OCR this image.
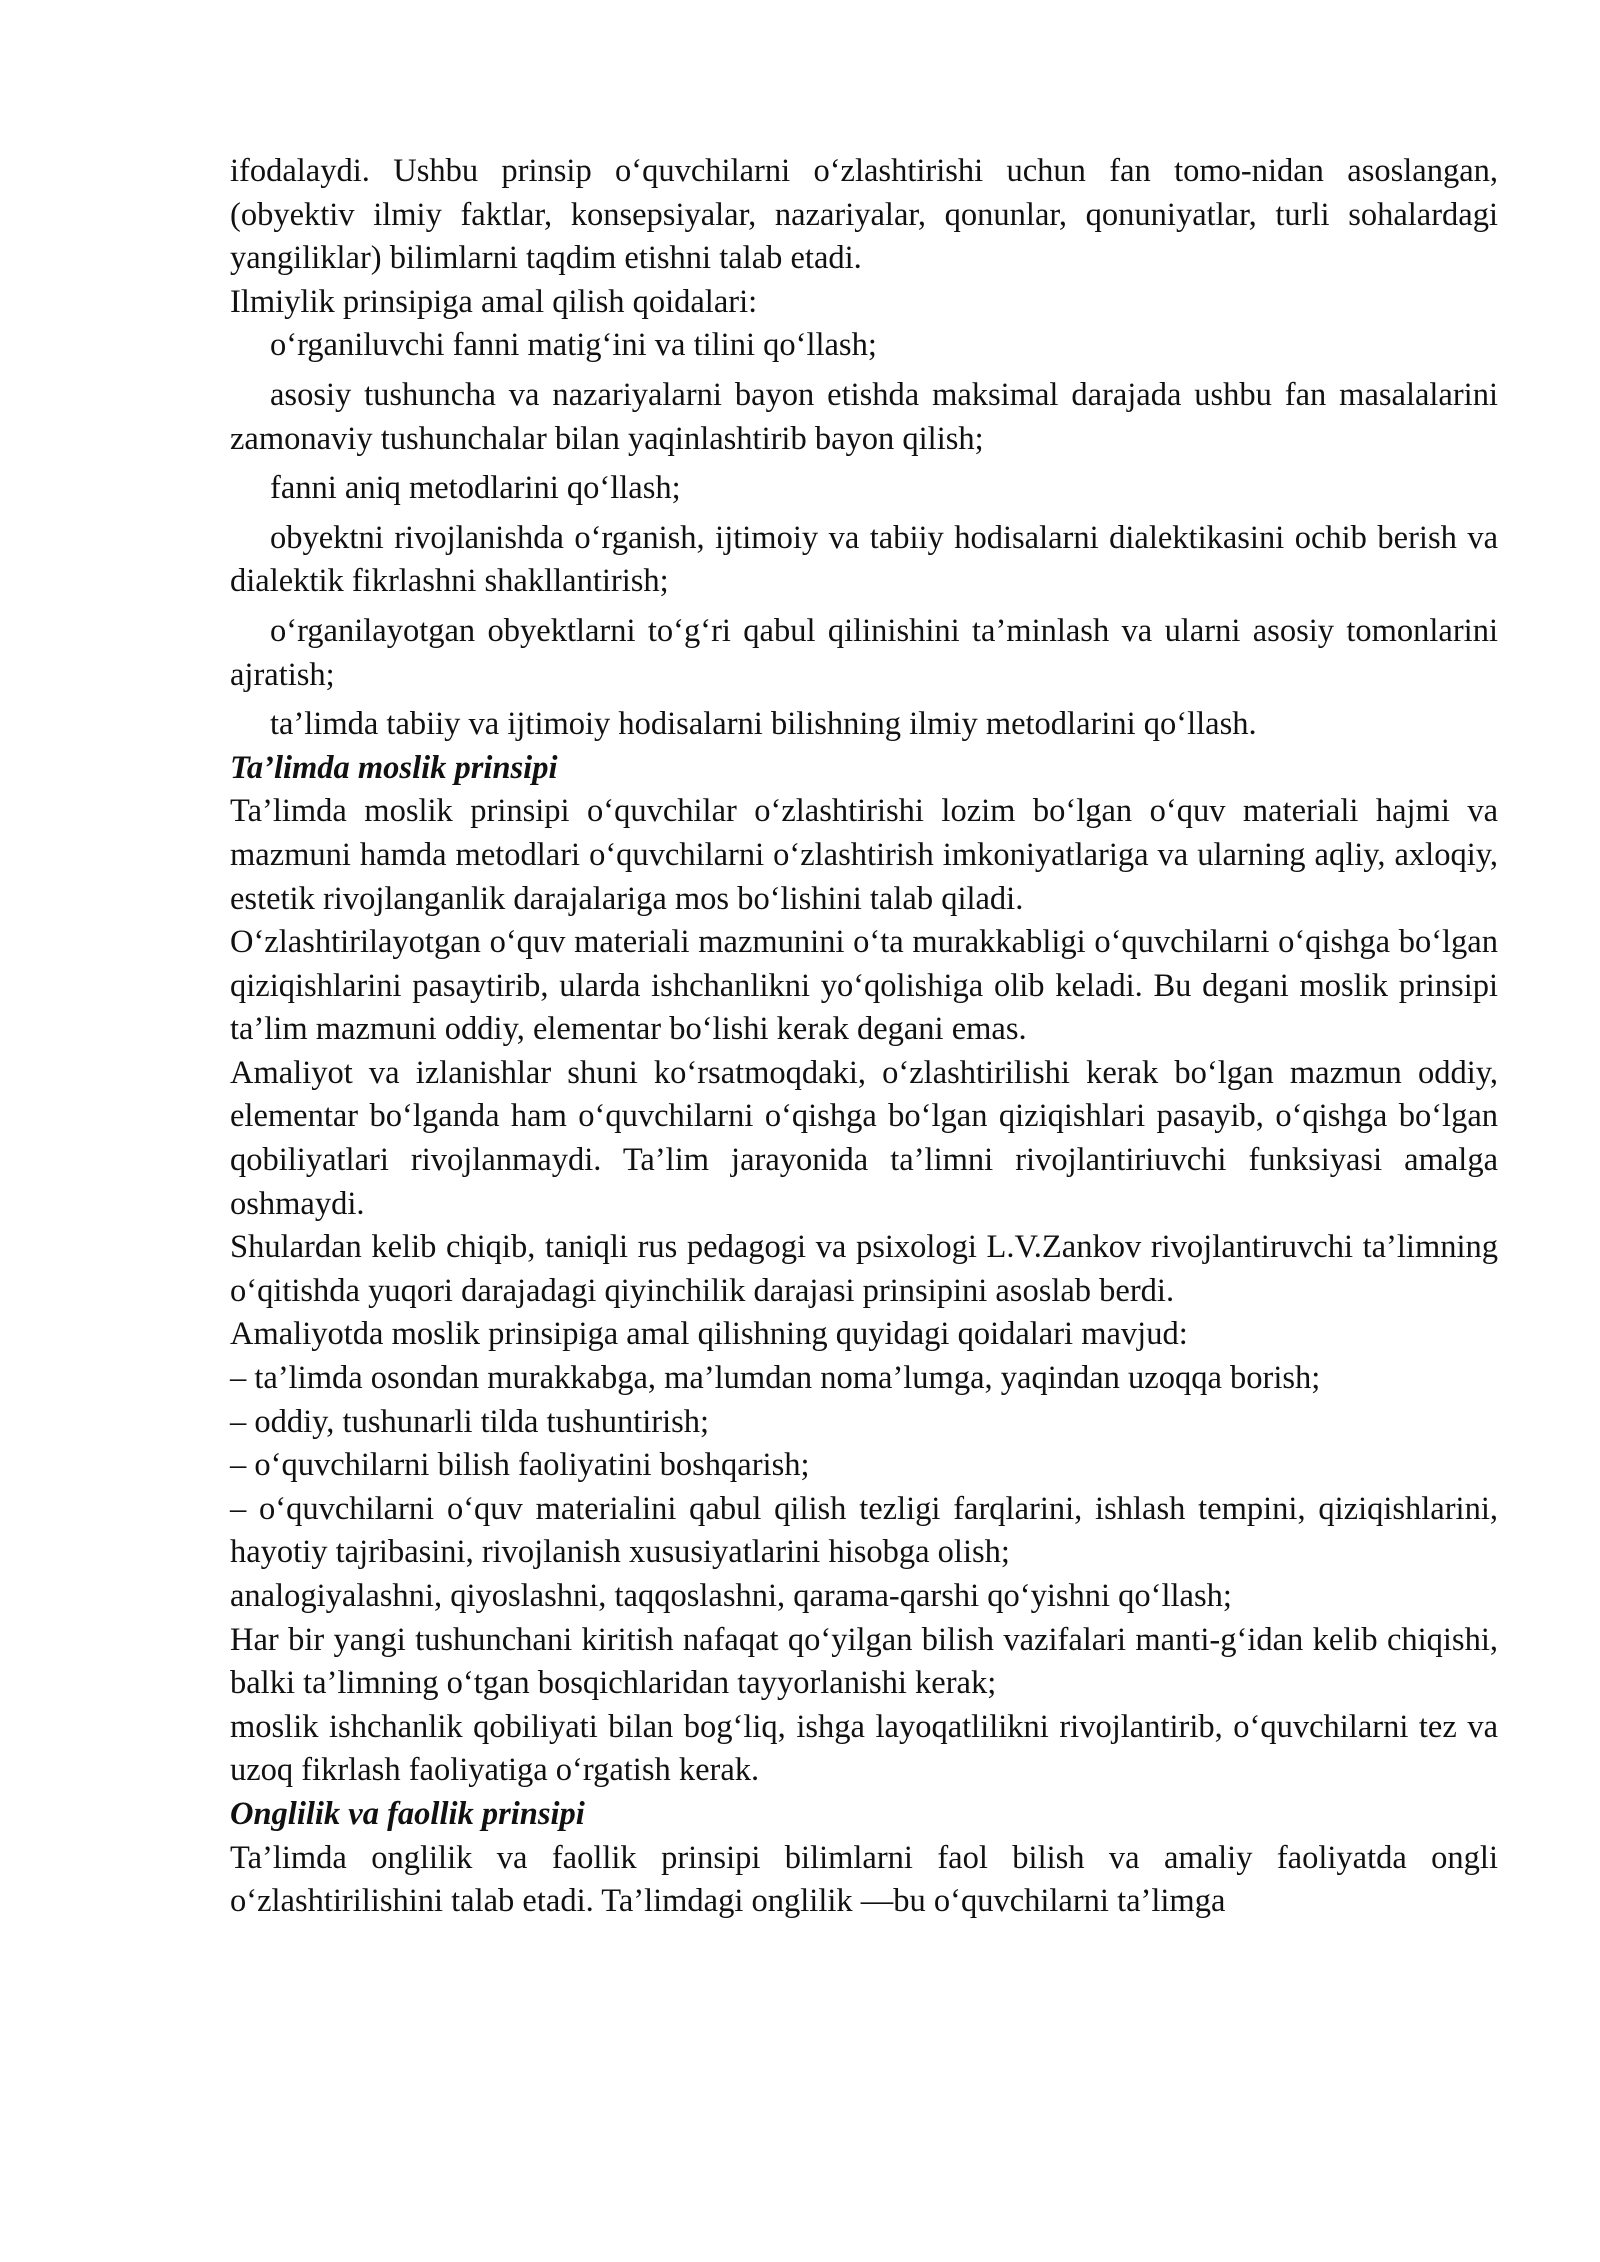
ifodalaydi. Ushbu prinsip o‘quvchilarni o‘zlashtirishi uchun fan tomo-nidan asoslangan, (obyektiv ilmiy faktlar, konsepsiyalar, nazariyalar, qonunlar, qonuniyatlar, turli sohalardagi yangiliklar) bilimlarni taqdim etishni talab etadi.

Ilmiylik prinsipiga amal qilish qoidalari:

o‘rganiluvchi fanni matig‘ini va tilini qo‘llash;

asosiy tushuncha va nazariyalarni bayon etishda maksimal darajada ushbu fan masalalarini zamonaviy tushunchalar bilan yaqinlashtirib bayon qilish;

fanni aniq metodlarini qo‘llash;

obyektni rivojlanishda o‘rganish, ijtimoiy va tabiiy hodisalarni dialektikasini ochib berish va dialektik fikrlashni shakllantirish;

o‘rganilayotgan obyektlarni to‘g‘ri qabul qilinishini ta’minlash va ularni asosiy tomonlarini ajratish;

ta’limda tabiiy va ijtimoiy hodisalarni bilishning ilmiy metodlarini qo‘llash.

Ta’limda moslik prinsipi

Ta’limda moslik prinsipi o‘quvchilar o‘zlashtirishi lozim bo‘lgan o‘quv materiali hajmi va mazmuni hamda metodlari o‘quvchilarni o‘zlashtirish imkoniyatlariga va ularning aqliy, axloqiy, estetik rivojlanganlik darajalariga mos bo‘lishini talab qiladi.

O‘zlashtirilayotgan o‘quv materiali mazmunini o‘ta murakkabligi o‘quvchilarni o‘qishga bo‘lgan qiziqishlarini pasaytirib, ularda ishchanlikni yo‘qolishiga olib keladi. Bu degani moslik prinsipi ta’lim mazmuni oddiy, elementar bo‘lishi kerak degani emas.

Amaliyot va izlanishlar shuni ko‘rsatmoqdaki, o‘zlashtirilishi kerak bo‘lgan mazmun oddiy, elementar bo‘lganda ham o‘quvchilarni o‘qishga bo‘lgan qiziqishlari pasayib, o‘qishga bo‘lgan qobiliyatlari rivojlanmaydi. Ta’lim jarayonida ta’limni rivojlantiriuvchi funksiyasi amalga oshmaydi.

Shulardan kelib chiqib, taniqli rus pedagogi va psixologi L.V.Zankov rivojlantiruvchi ta’limning o‘qitishda yuqori darajadagi qiyinchilik darajasi prinsipini asoslab berdi.

Amaliyotda moslik prinsipiga amal qilishning quyidagi qoidalari mavjud:

– ta’limda osondan murakkabga, ma’lumdan noma’lumga, yaqindan uzoqqa borish;

– oddiy, tushunarli tilda tushuntirish;

– o‘quvchilarni bilish faoliyatini boshqarish;

– o‘quvchilarni o‘quv materialini qabul qilish tezligi farqlarini, ishlash tempini, qiziqishlarini, hayotiy tajribasini, rivojlanish xususiyatlarini hisobga olish;

analogiyalashni, qiyoslashni, taqqoslashni, qarama-qarshi qo‘yishni qo‘llash;

Har bir yangi tushunchani kiritish nafaqat qo‘yilgan bilish vazifalari manti-g‘idan kelib chiqishi, balki ta’limning o‘tgan bosqichlaridan tayyorlanishi kerak;

moslik ishchanlik qobiliyati bilan bog‘liq, ishga layoqatlilikni rivojlantirib, o‘quvchilarni tez va uzoq fikrlash faoliyatiga o‘rgatish kerak.

Onglilik va faollik prinsipi

Ta’limda onglilik va faollik prinsipi bilimlarni faol bilish va amaliy faoliyatda ongli o‘zlashtirilishini talab etadi. Ta’limdagi onglilik —bu o‘quvchilarni ta’limga
